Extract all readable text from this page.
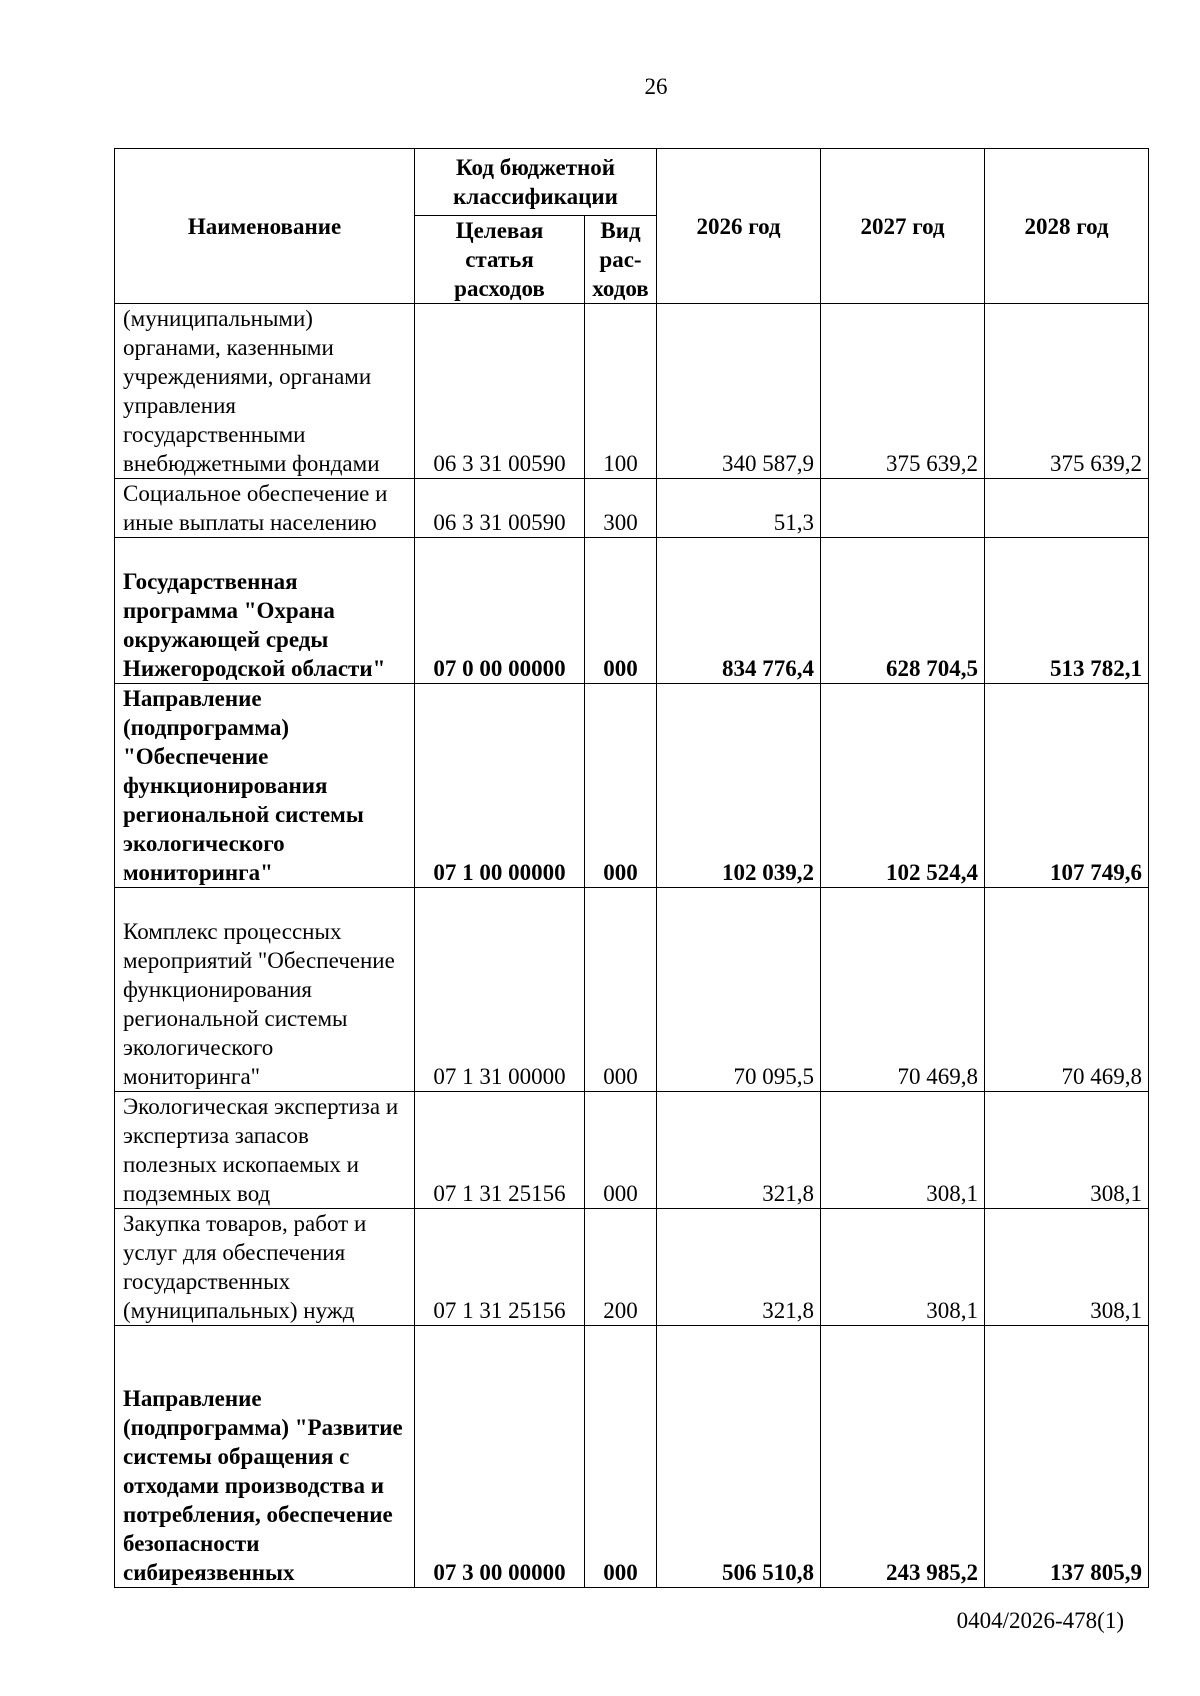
26
Наименование	Код бюджетной классификации		2026 год	2027 год	2028 год
	Целевая статья расходов	Вид рас-ходов			
(муниципальными) органами, казенными учреждениями, органами управления государственными внебюджетными фондами	06 3 31 00590	100	340 587,9	375 639,2	375 639,2
Социальное обеспечение и иные выплаты населению	06 3 31 00590	300	51,3		
Государственная программа "Охрана окружающей среды Нижегородской области"	07 0 00 00000	000	834 776,4	628 704,5	513 782,1
Направление (подпрограмма) "Обеспечение функционирования региональной системы экологического мониторинга"	07 1 00 00000	000	102 039,2	102 524,4	107 749,6
Комплекс процессных мероприятий "Обеспечение функционирования региональной системы экологического мониторинга"	07 1 31 00000	000	70 095,5	70 469,8	70 469,8
Экологическая экспертиза и экспертиза запасов полезных ископаемых и подземных вод	07 1 31 25156	000	321,8	308,1	308,1
Закупка товаров, работ и услуг для обеспечения государственных (муниципальных) нужд	07 1 31 25156	200	321,8	308,1	308,1
Направление (подпрограмма) "Развитие системы обращения с отходами производства и потребления, обеспечение безопасности сибиреязвенных	07 3 00 00000	000	506 510,8	243 985,2	137 805,9
0404/2026-478(1)
